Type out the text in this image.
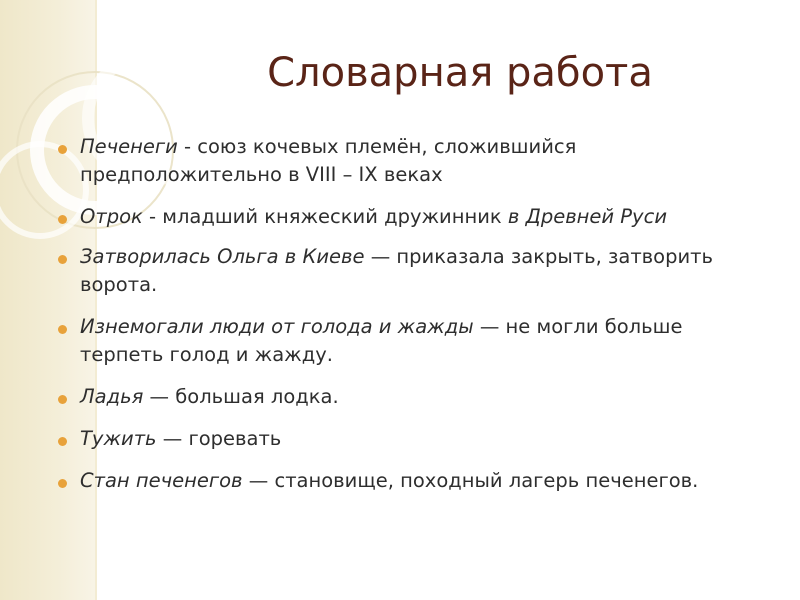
Словарная работа
Печенеги - союз кочевых племён, сложившийся предположительно в VIII – IX веках
Отрок - младший княжеский дружинник в Древней Руси
Затворилась Ольга в Киеве — приказала закрыть, затворить ворота.
Изнемогали люди от голода и жажды — не могли больше терпеть голод и жажду.
Ладья — большая лодка.
Тужить — горевать
Стан печенегов — становище, походный лагерь печенегов.
